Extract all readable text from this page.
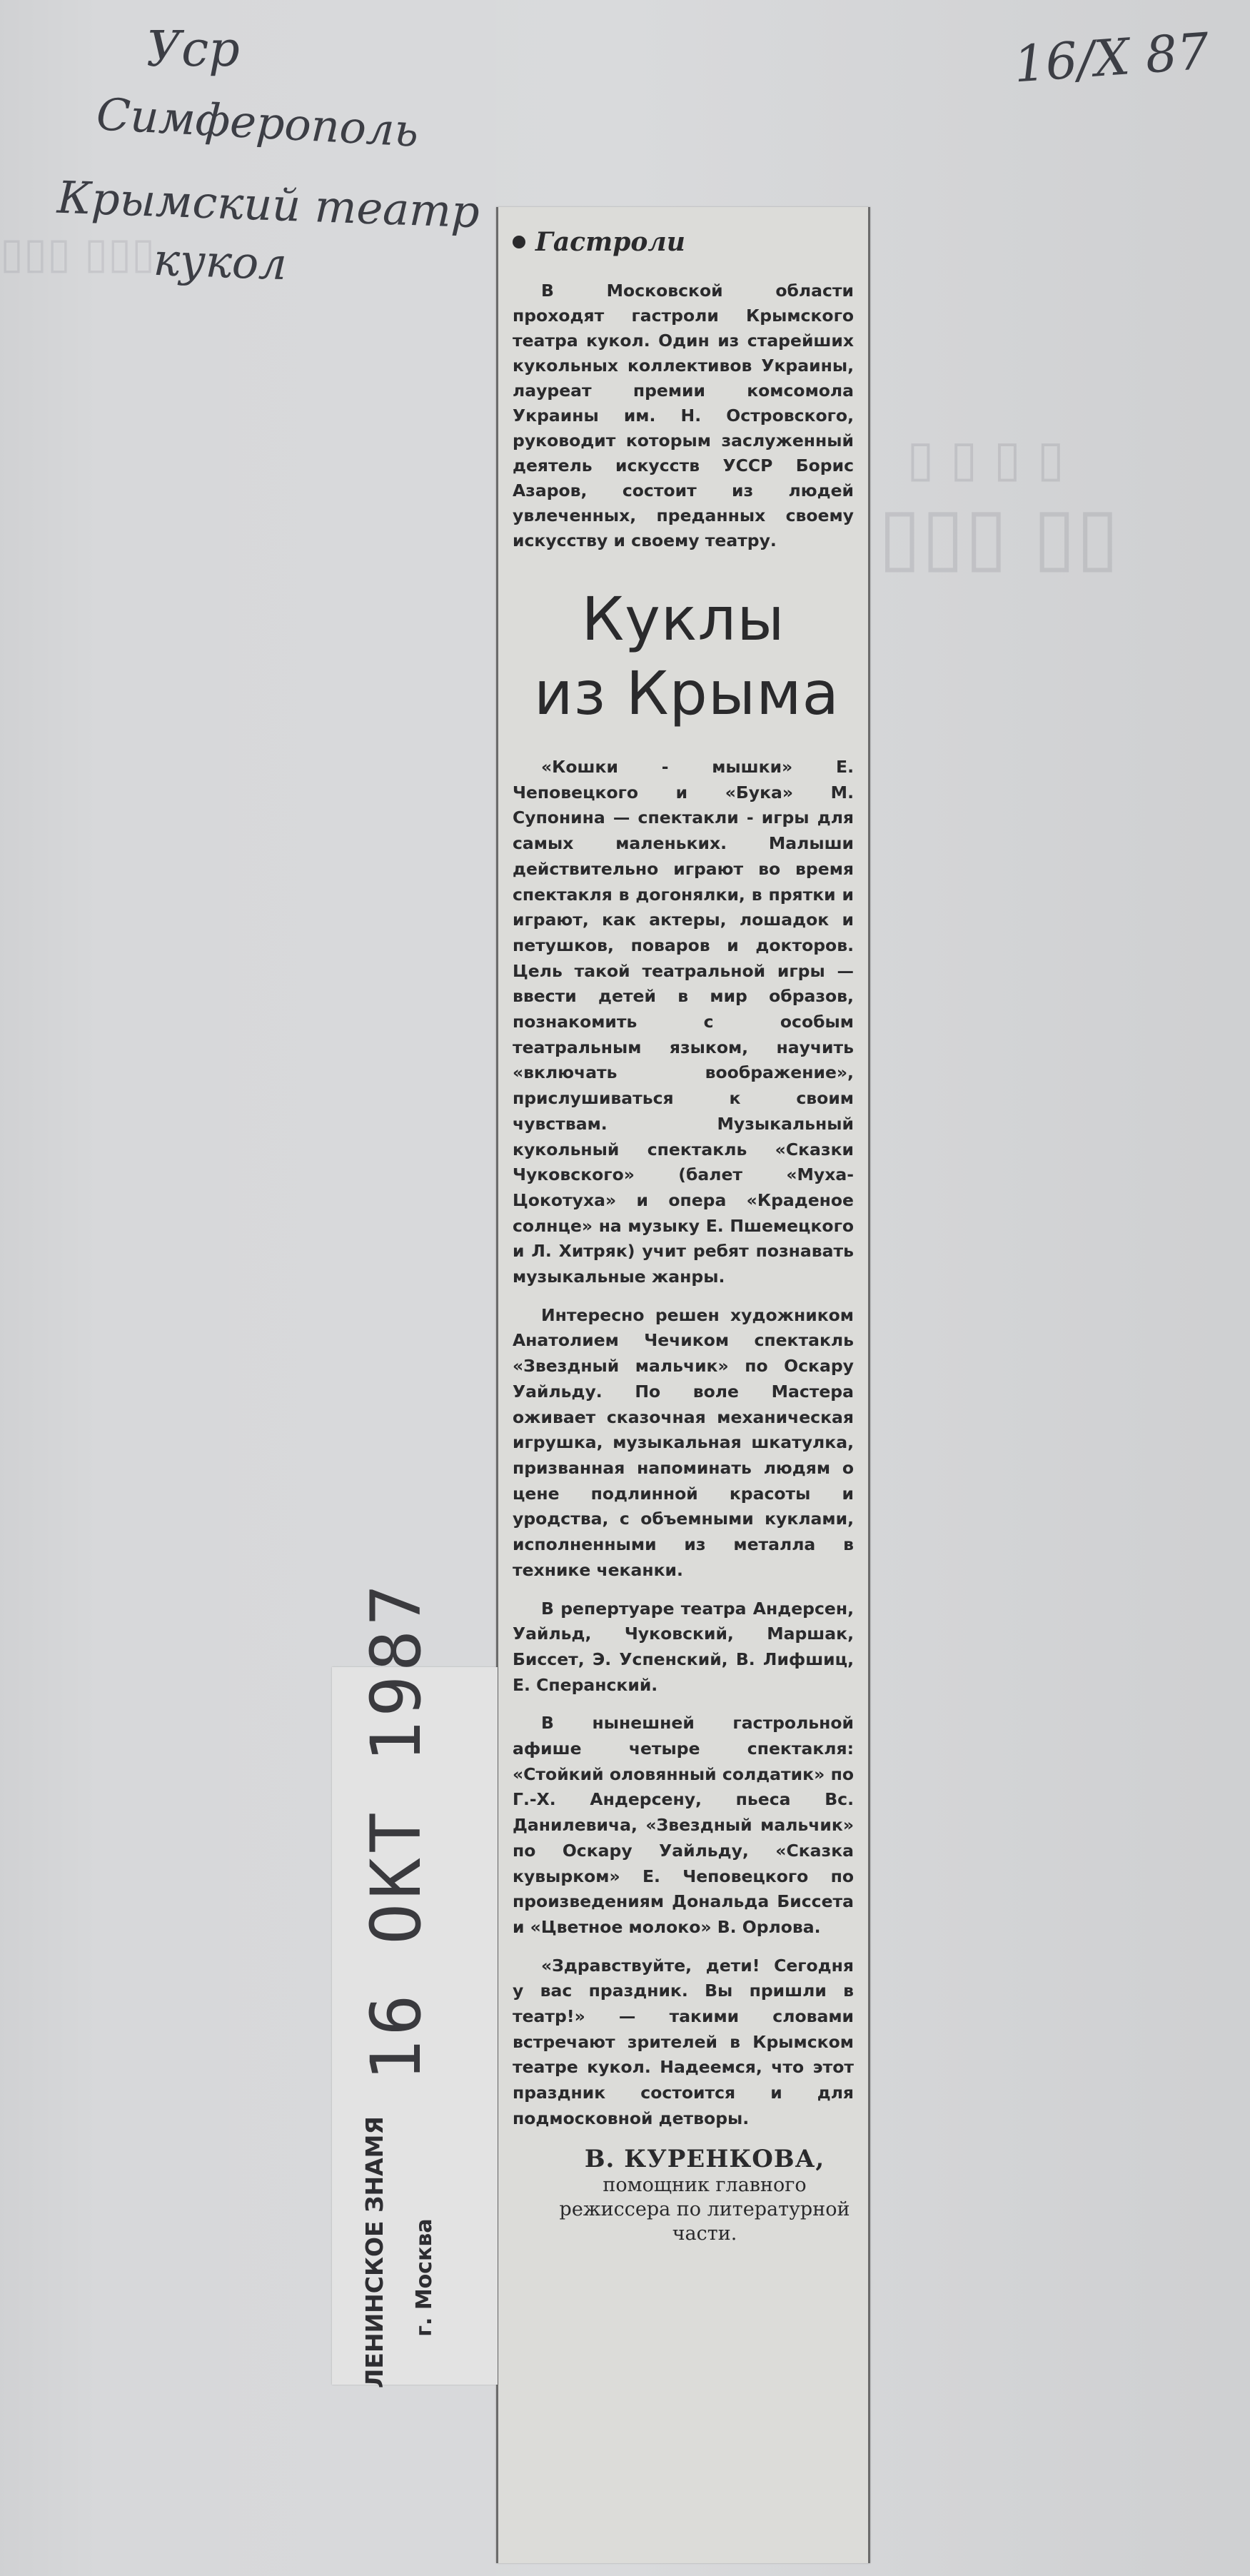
▯ ▯ ▯ ▯
▯▯▯ ▯▯
▯▯▯ ▯▯▯
Уср
Симферополь
Крымский театр
кукол
16/X 87
Гастроли

В Московской области проходят гастроли Крымского театра кукол. Один из старейших кукольных коллективов Украины, лауреат премии комсомола Украины им. Н. Островского, руководит которым заслуженный деятель искусств УССР Борис Азаров, состоит из людей увлеченных, преданных своему искусству и своему театру.

Куклы
из Крыма

«Кошки - мышки» Е. Чеповецкого и «Бука» М. Супонина — спектакли - игры для самых маленьких. Малыши действительно играют во время спектакля в догонялки, в прятки и играют, как актеры, лошадок и петушков, поваров и докторов. Цель такой театральной игры — ввести детей в мир образов, познакомить с особым театральным языком, научить «включать воображение», прислушиваться к своим чувствам. Музыкальный кукольный спектакль «Сказки Чуковского» (балет «Муха-Цокотуха» и опера «Краденое солнце» на музыку Е. Пшемецкого и Л. Хитряк) учит ребят познавать музыкальные жанры.

Интересно решен художником Анатолием Чечиком спектакль «Звездный мальчик» по Оскару Уайльду. По воле Мастера оживает сказочная механическая игрушка, музыкальная шкатулка, призванная напоминать людям о цене подлинной красоты и уродства, с объемными куклами, исполненными из металла в технике чеканки.

В репертуаре театра Андерсен, Уайльд, Чуковский, Маршак, Биссет, Э. Успенский, В. Лифшиц, Е. Сперанский.

В нынешней гастрольной афише четыре спектакля: «Стойкий оловянный солдатик» по Г.-Х. Андерсену, пьеса Вс. Данилевича, «Звездный мальчик» по Оскару Уайльду, «Сказка кувырком» Е. Чеповецкого по произведениям Дональда Биссета и «Цветное молоко» В. Орлова.

«Здравствуйте, дети! Сегодня у вас праздник. Вы пришли в театр!» — такими словами встречают зрителей в Крымском театре кукол. Надеемся, что этот праздник состоится и для подмосковной детворы.

В. КУРЕНКОВА,
помощник главного режиссера по литературной части.
16 ОКТ 1987
ЛЕНИНСКОЕ ЗНАМЯ г. Москва
